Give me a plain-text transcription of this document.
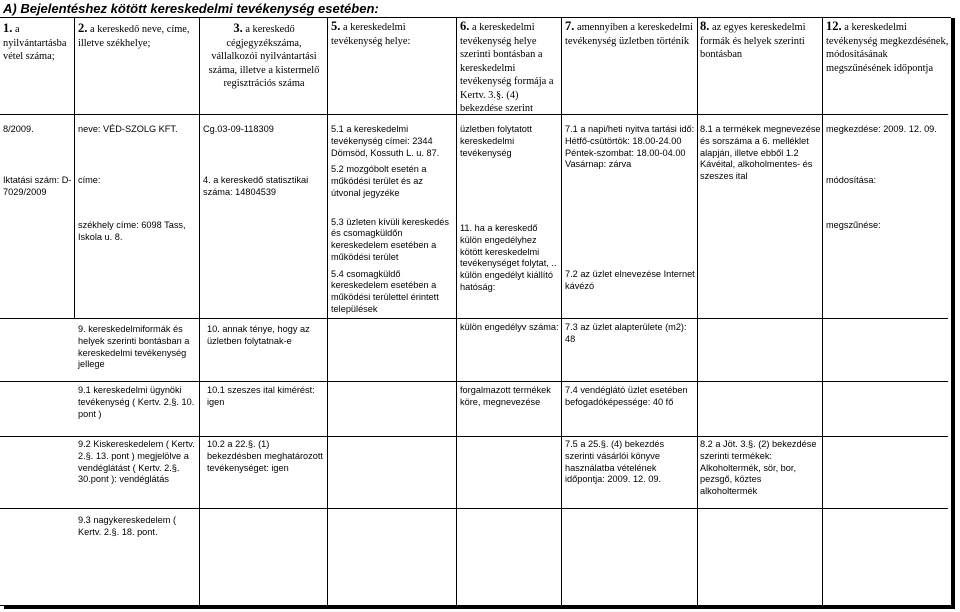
A) Bejelentéshez kötött kereskedelmi tevékenység esetében:
1. a nyilvántartásba vétel száma;
2. a kereskedő neve, címe, illetve székhelye;
3. a kereskedő cégjegyzékszáma, vállalkozói nyilvántartási száma, illetve a kistermelő regisztrációs száma
5. a kereskedelmi tevékenység helye:
6. a kereskedelmi tevékenység helye szerinti bontásban a kereskedelmi tevékenység formája a Kertv. 3.§. (4) bekezdése szerint
7. amennyiben a kereskedelmi tevékenység üzletben történik
8. az egyes kereskedelmi formák és helyek szerinti bontásban
12. a kereskedelmi tevékenység megkezdésének, módosításának megszűnésének időpontja
8/2009.
Iktatási szám: D-7029/2009
neve: VÉD-SZOLG KFT.
címe:
székhely címe: 6098 Tass, Iskola u. 8.
Cg.03-09-118309
4. a kereskedő statisztikai száma: 14804539
5.1 a kereskedelmi tevékenység címei: 2344 Dömsöd, Kossuth L. u. 87.
5.2 mozgóbolt esetén a működési terület és az útvonal jegyzéke
5.3 üzleten kívüli kereskedés és csomagküldőn kereskedelem esetében a működési terület
5.4 csomagküldő kereskedelem esetében a működési területtel érintett települések
üzletben folytatott kereskedelmi tevékenység
11. ha a kereskedő külön engedélyhez kötött kereskedelmi tevékenységet folytat, .. külön engedélyt kiállító hatóság:
7.1 a napi/heti nyitva tartási idő: Hétfő-csütörtök: 18.00-24.00 Péntek-szombat: 18.00-04.00 Vasárnap: zárva
7.2 az üzlet elnevezése Internet kávézó
8.1 a termékek megnevezése és sorszáma a 6. melléklet alapján, illetve ebből 1.2 Kávéital, alkoholmentes- és szeszes ital
megkezdése: 2009. 12. 09.
módosítása:
megszűnése:
9. kereskedelmiformák és helyek szerinti bontásban a kereskedelmi tevékenység jellege
10. annak ténye, hogy az üzletben folytatnak-e
külön engedélyv száma: 7.3 az üzlet alapterülete (m2): 48
9.1 kereskedelmi ügynöki tevékenység ( Kertv. 2.§. 10. pont )
10.1 szeszes ital kimérést: igen
forgalmazott termékek köre, megnevezése
7.4 vendéglátó üzlet esetében befogadóképessége: 40 fő
9.2 Kiskereskedelem ( Kertv. 2.§. 13. pont ) megjelölve a vendéglátást ( Kertv. 2.§. 30.pont ): vendéglátás
10.2 a 22.§. (1) bekezdésben meghatározott tevékenységet: igen
7.5 a 25.§. (4) bekezdés szerinti vásárlói könyve használatba vételének időpontja: 2009. 12. 09.
8.2 a Jöt. 3.§. (2) bekezdése szerinti termékek: Alkoholtermék, sör, bor, pezsgő, köztes alkoholtermék
9.3 nagykereskedelem ( Kertv. 2.§. 18. pont.
